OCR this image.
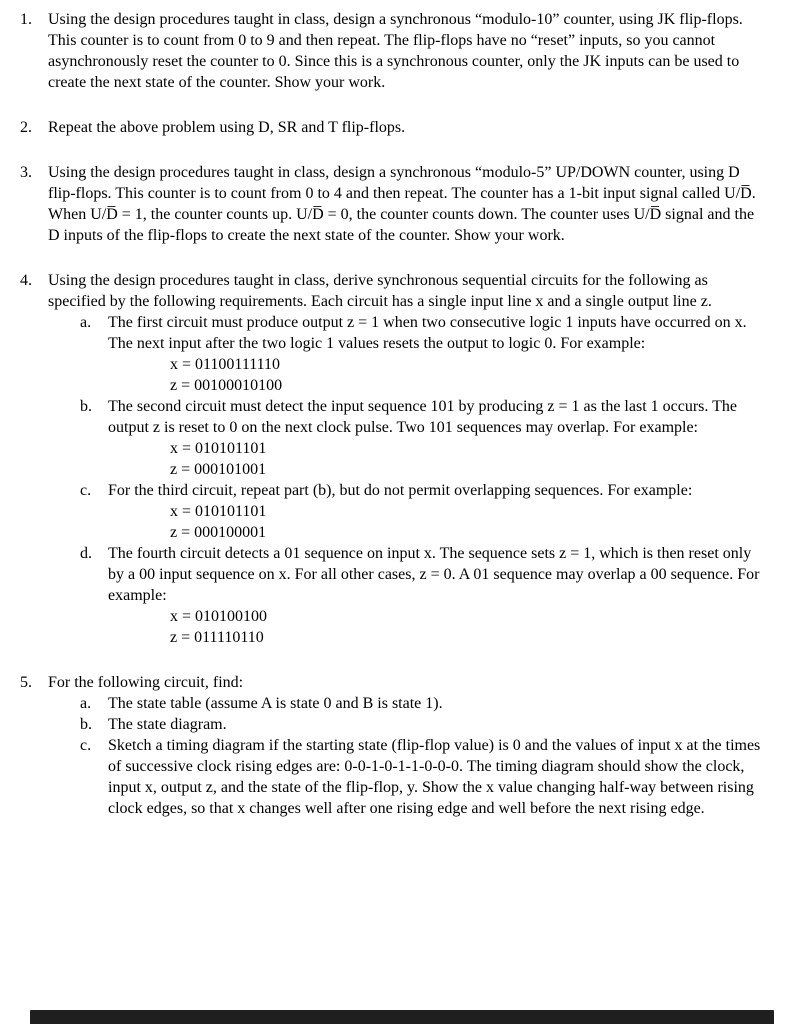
1.	Using the design procedures taught in class, design a synchronous “modulo-10” counter, using JK flip-flops. This counter is to count from 0 to 9 and then repeat. The flip-flops have no “reset” inputs, so you cannot asynchronously reset the counter to 0. Since this is a synchronous counter, only the JK inputs can be used to create the next state of the counter. Show your work.
2.	Repeat the above problem using D, SR and T flip-flops.
3.	Using the design procedures taught in class, design a synchronous “modulo-5” UP/DOWN counter, using D flip-flops. This counter is to count from 0 to 4 and then repeat. The counter has a 1-bit input signal called U/D̅. When U/D̅ = 1, the counter counts up. U/D̅ = 0, the counter counts down. The counter uses U/D̅ signal and the D inputs of the flip-flops to create the next state of the counter. Show your work.
4.	Using the design procedures taught in class, derive synchronous sequential circuits for the following as specified by the following requirements. Each circuit has a single input line x and a single output line z.
a.	The first circuit must produce output z = 1 when two consecutive logic 1 inputs have occurred on x. The next input after the two logic 1 values resets the output to logic 0. For example:
x = 01100111110
z = 00100010100
b.	The second circuit must detect the input sequence 101 by producing z = 1 as the last 1 occurs. The output z is reset to 0 on the next clock pulse. Two 101 sequences may overlap. For example:
x = 010101101
z = 000101001
c.	For the third circuit, repeat part (b), but do not permit overlapping sequences. For example:
x = 010101101
z = 000100001
d.	The fourth circuit detects a 01 sequence on input x. The sequence sets z = 1, which is then reset only by a 00 input sequence on x. For all other cases, z = 0. A 01 sequence may overlap a 00 sequence. For example:
x = 010100100
z = 011110110
5.	For the following circuit, find:
a.	The state table (assume A is state 0 and B is state 1).
b.	The state diagram.
c.	Sketch a timing diagram if the starting state (flip-flop value) is 0 and the values of input x at the times of successive clock rising edges are: 0-0-1-0-1-1-0-0-0. The timing diagram should show the clock, input x, output z, and the state of the flip-flop, y. Show the x value changing half-way between rising clock edges, so that x changes well after one rising edge and well before the next rising edge.
